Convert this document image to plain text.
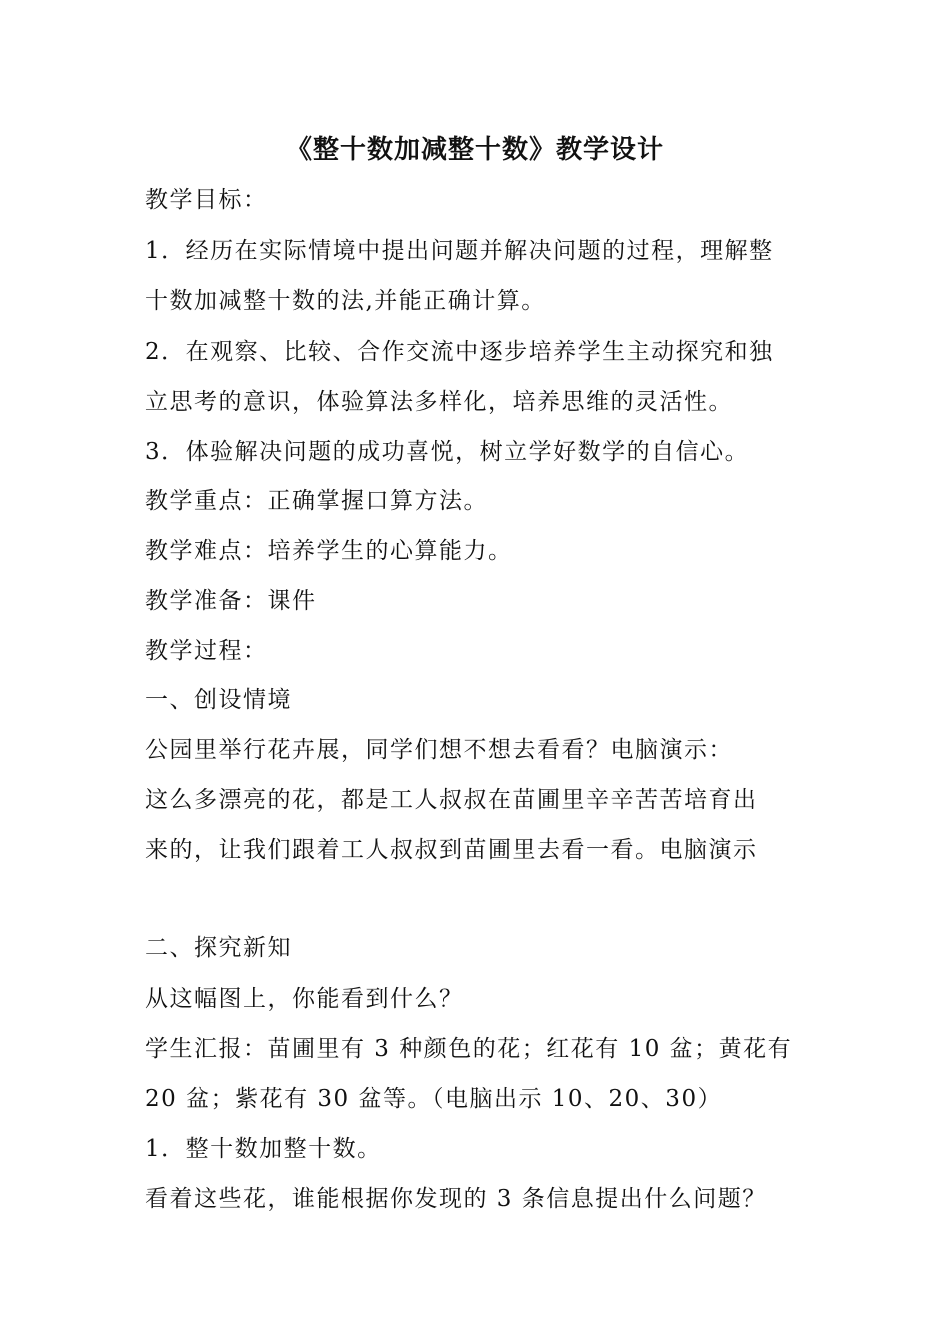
《整十数加减整十数》教学设计
教学目标：
1．经历在实际情境中提出问题并解决问题的过程，理解整
十数加减整十数的法,并能正确计算。
2．在观察、比较、合作交流中逐步培养学生主动探究和独
立思考的意识，体验算法多样化，培养思维的灵活性。
3．体验解决问题的成功喜悦，树立学好数学的自信心。
教学重点：正确掌握口算方法。
教学难点：培养学生的心算能力。
教学准备：课件
教学过程：
一、创设情境
公园里举行花卉展，同学们想不想去看看？电脑演示：
这么多漂亮的花，都是工人叔叔在苗圃里辛辛苦苦培育出
来的，让我们跟着工人叔叔到苗圃里去看一看。电脑演示
二、探究新知
从这幅图上，你能看到什么？
学生汇报：苗圃里有 3 种颜色的花；红花有 10 盆；黄花有
20 盆；紫花有 30 盆等。（电脑出示 10、20、30）
1．整十数加整十数。
看着这些花，谁能根据你发现的 3 条信息提出什么问题？
